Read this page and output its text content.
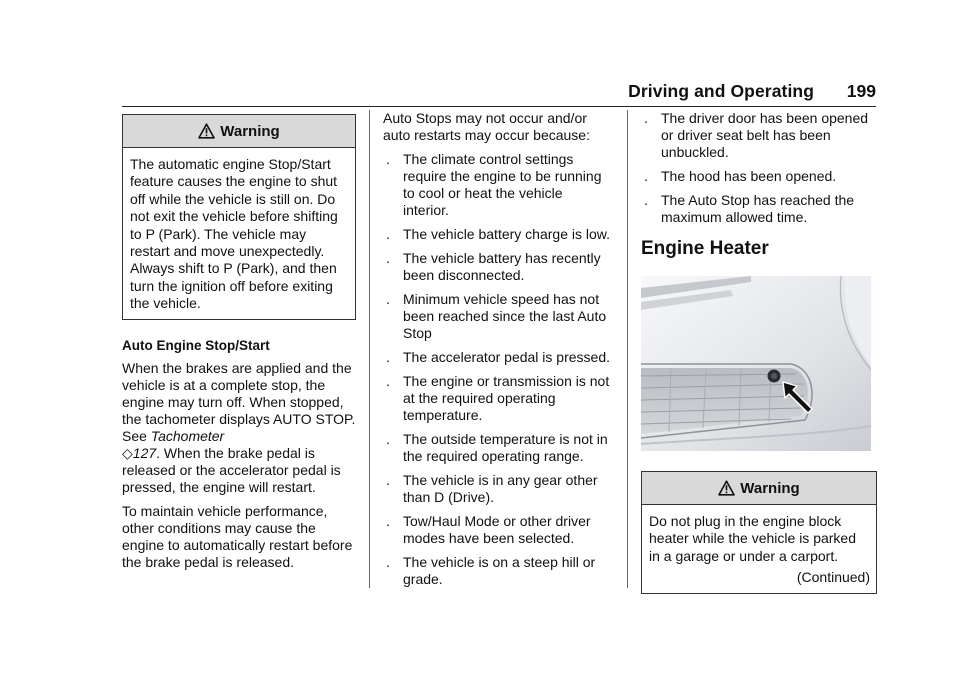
Driving and Operating 199
Warning
The automatic engine Stop/Start feature causes the engine to shut off while the vehicle is still on. Do not exit the vehicle before shifting to P (Park). The vehicle may restart and move unexpectedly. Always shift to P (Park), and then turn the ignition off before exiting the vehicle.
Auto Engine Stop/Start

When the brakes are applied and the vehicle is at a complete stop, the engine may turn off. When stopped, the tachometer displays AUTO STOP. See Tachometer
◇127. When the brake pedal is released or the accelerator pedal is pressed, the engine will restart.

To maintain vehicle performance, other conditions may cause the engine to automatically restart before the brake pedal is released.

Auto Stops may not occur and/or auto restarts may occur because:

. The climate control settings require the engine to be running to cool or heat the vehicle interior.
. The vehicle battery charge is low.
. The vehicle battery has recently been disconnected.
. Minimum vehicle speed has not been reached since the last Auto Stop
. The accelerator pedal is pressed.
. The engine or transmission is not at the required operating temperature.
. The outside temperature is not in the required operating range.
. The vehicle is in any gear other than D (Drive).
. Tow/Haul Mode or other driver modes have been selected.
. The vehicle is on a steep hill or grade.
. The driver door has been opened or driver seat belt has been unbuckled.
. The hood has been opened.
. The Auto Stop has reached the maximum allowed time.
Engine Heater
Warning
Do not plug in the engine block heater while the vehicle is parked in a garage or under a carport.
(Continued)
